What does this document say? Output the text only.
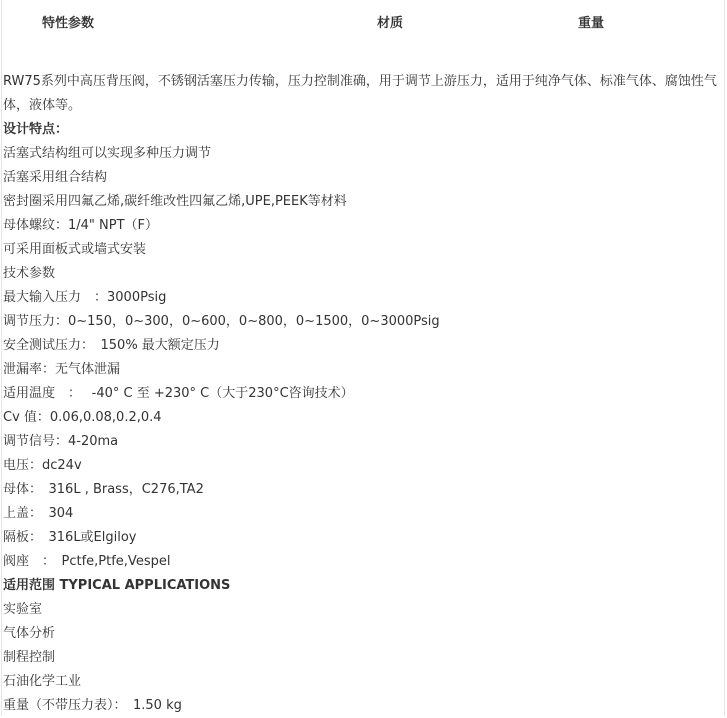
特性参数	材质	重量
RW75系列中高压背压阀，不锈钢活塞压力传输，压力控制准确，用于调节上游压力，适用于纯净气体、标准气体、腐蚀性气体，液体等。
设计特点：
活塞式结构组可以实现多种压力调节
活塞采用组合结构
密封圈采用四氟乙烯,碳纤维改性四氟乙烯,UPE,PEEK等材料
母体螺纹：1/4" NPT（F）
可采用面板式或墙式安装
技术参数
最大输入压力　：3000Psig
调节压力：0~150，0~300，0~600，0~800，0~1500，0~3000Psig
安全测试压力：　150% 最大额定压力
泄漏率：无气体泄漏
适用温度　：　 -40° C 至 +230° C（大于230°C咨询技术）
Cv 值：0.06,0.08,0.2,0.4
调节信号：4-20ma
电压：dc24v
母体：　316L , Brass，C276,TA2
上盖：　304
隔板：　316L或Elgiloy
阀座　：　Pctfe,Ptfe,Vespel
适用范围 TYPICAL APPLICATIONS
实验室
气体分析
制程控制
石油化学工业
重量（不带压力表）：　1.50 kg
